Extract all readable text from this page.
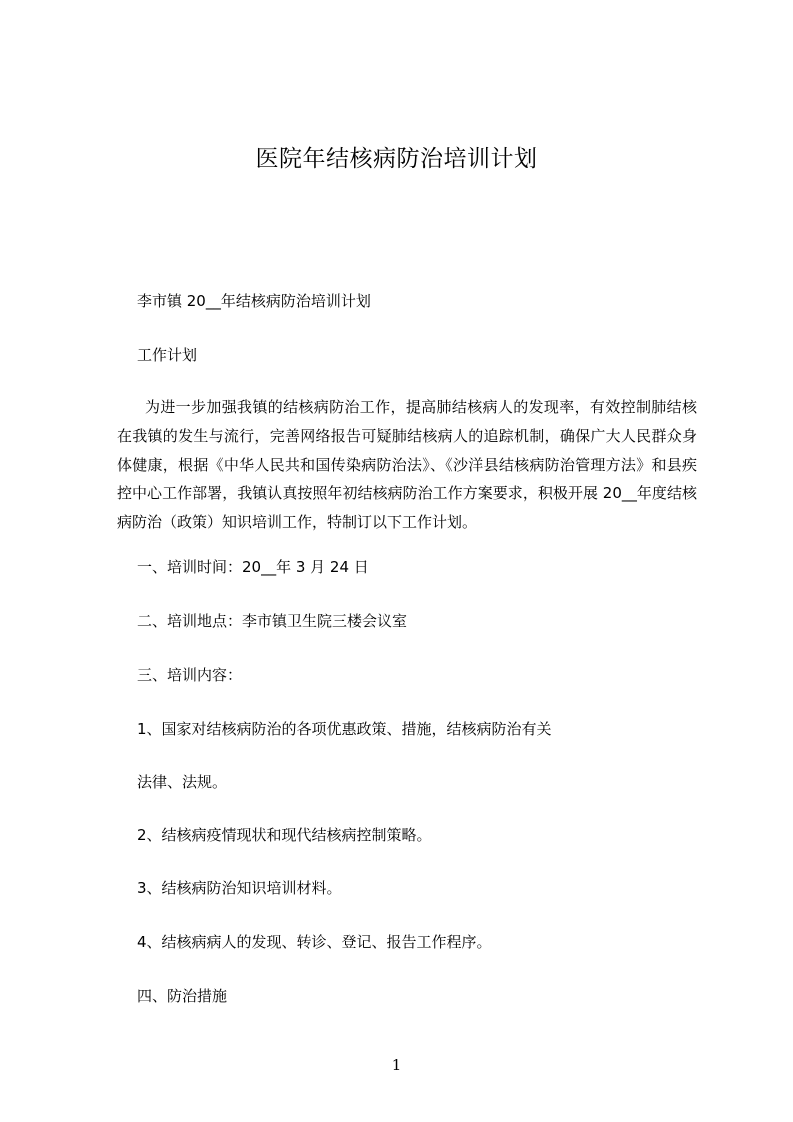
医院年结核病防治培训计划
李市镇 20__年结核病防治培训计划
工作计划
为进一步加强我镇的结核病防治工作，提高肺结核病人的发现率，有效控制肺结核在我镇的发生与流行，完善网络报告可疑肺结核病人的追踪机制，确保广大人民群众身体健康，根据《中华人民共和国传染病防治法》、《沙洋县结核病防治管理方法》和县疾控中心工作部署，我镇认真按照年初结核病防治工作方案要求，积极开展 20__年度结核病防治（政策）知识培训工作，特制订以下工作计划。
一、培训时间：20__年 3 月 24 日
二、培训地点：李市镇卫生院三楼会议室
三、培训内容：
1、国家对结核病防治的各项优惠政策、措施，结核病防治有关
法律、法规。
2、结核病疫情现状和现代结核病控制策略。
3、结核病防治知识培训材料。
4、结核病病人的发现、转诊、登记、报告工作程序。
四、防治措施
1
